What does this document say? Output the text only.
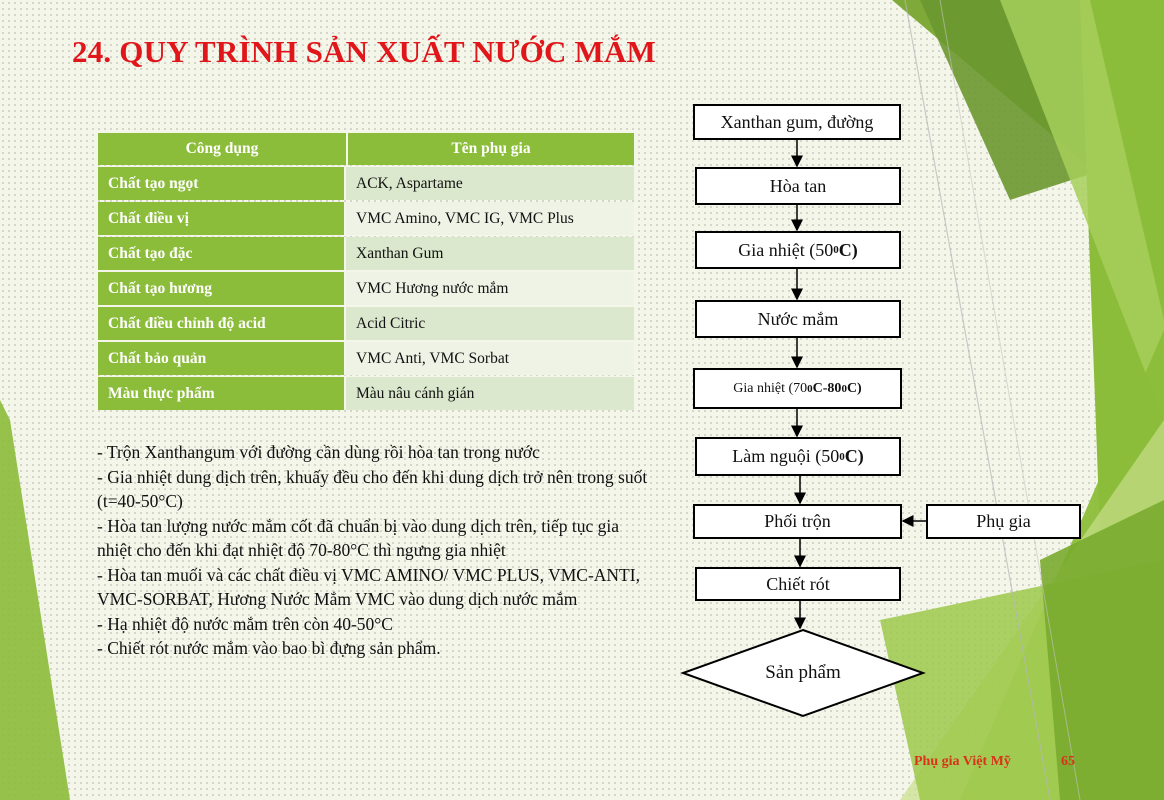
24. QUY TRÌNH SẢN XUẤT NƯỚC MẮM
Công dụng	Tên phụ gia
Chất tạo ngọt	ACK, Aspartame
Chất điều vị	VMC Amino, VMC IG, VMC Plus
Chất tạo đặc	Xanthan Gum
Chất tạo hương	VMC Hương nước mắm
Chất điều chỉnh độ acid	Acid Citric
Chất bảo quản	VMC Anti, VMC Sorbat
Màu thực phẩm	Màu nâu cánh gián
- Trộn Xanthangum với đường cần dùng rồi hòa tan trong nước
- Gia nhiệt dung dịch trên, khuấy đều cho đến khi dung dịch trở nên trong suốt (t=40-50°C)
- Hòa tan lượng nước mắm cốt đã chuẩn bị vào dung dịch trên, tiếp tục gia nhiệt cho đến khi đạt nhiệt độ 70-80°C thì ngưng gia nhiệt
- Hòa tan muối và các chất điều vị VMC AMINO/ VMC PLUS, VMC-ANTI, VMC-SORBAT, Hương Nước Mắm VMC vào dung dịch nước mắm
- Hạ nhiệt độ nước mắm trên còn 40-50°C
- Chiết rót nước mắm vào bao bì đựng sản phẩm.
Xanthan gum, đường
Hòa tan
Gia nhiệt (50 0 C)
Nước mắm
Gia nhiệt (70 0 C-80 0 C)
Làm nguội (50 0 C)
Phối trộn	Phụ gia
Chiết rót
Sản phẩm
Phụ gia Việt Mỹ	65
